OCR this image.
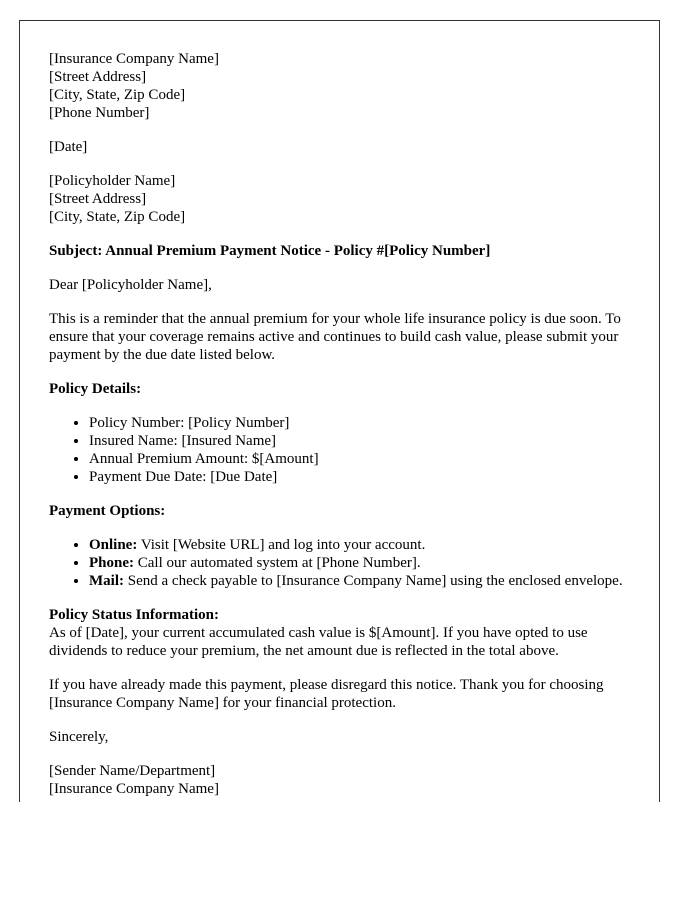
[Insurance Company Name]
[Street Address]
[City, State, Zip Code]
[Phone Number]
[Date]
[Policyholder Name]
[Street Address]
[City, State, Zip Code]
Subject: Annual Premium Payment Notice - Policy #[Policy Number]
Dear [Policyholder Name],
This is a reminder that the annual premium for your whole life insurance policy is due soon. To ensure that your coverage remains active and continues to build cash value, please submit your payment by the due date listed below.
Policy Details:
• Policy Number: [Policy Number]
• Insured Name: [Insured Name]
• Annual Premium Amount: $[Amount]
• Payment Due Date: [Due Date]
Payment Options:
• Online: Visit [Website URL] and log into your account.
• Phone: Call our automated system at [Phone Number].
• Mail: Send a check payable to [Insurance Company Name] using the enclosed envelope.
Policy Status Information:
As of [Date], your current accumulated cash value is $[Amount]. If you have opted to use dividends to reduce your premium, the net amount due is reflected in the total above.
If you have already made this payment, please disregard this notice. Thank you for choosing [Insurance Company Name] for your financial protection.
Sincerely,
[Sender Name/Department]
[Insurance Company Name]
